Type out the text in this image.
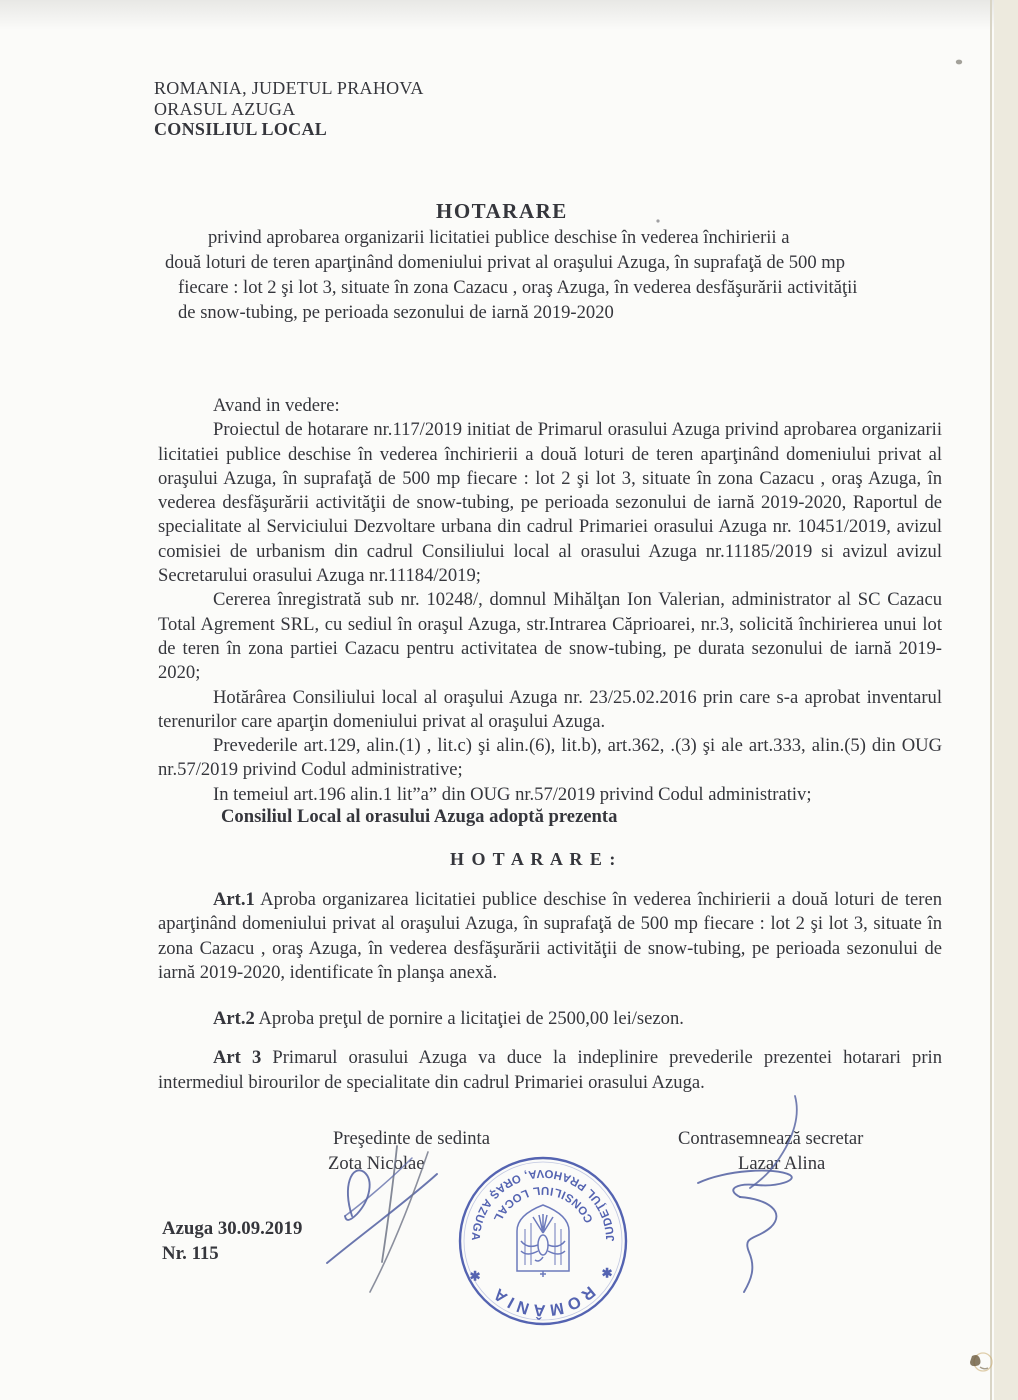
ROMANIA, JUDETUL PRAHOVA
ORASUL AZUGA
CONSILIUL LOCAL

HOTARARE

privind aprobarea organizarii licitatiei publice deschise în vederea închirierii a
două loturi de teren aparţinând domeniului privat al oraşului Azuga, în suprafaţă de 500 mp
fiecare : lot 2 şi lot 3, situate în zona Cazacu , oraş Azuga, în vederea desfăşurării activităţii
de snow-tubing, pe perioada sezonului de iarnă 2019-2020

Avand in vedere:

Proiectul de hotarare nr.117/2019 initiat de Primarul orasului Azuga privind aprobarea organizarii licitatiei publice deschise în vederea închirierii a două loturi de teren aparţinând domeniului privat al oraşului Azuga, în suprafaţă de 500 mp fiecare : lot 2 şi lot 3, situate în zona Cazacu , oraş Azuga, în vederea desfăşurării activităţii de snow-tubing, pe perioada sezonului de iarnă 2019-2020, Raportul de specialitate al Serviciului Dezvoltare urbana din cadrul Primariei orasului Azuga nr. 10451/2019, avizul comisiei de urbanism din cadrul Consiliului local al orasului Azuga nr.11185/2019 si avizul avizul Secretarului orasului Azuga nr.11184/2019;

Cererea înregistrată sub nr. 10248/, domnul Mihălţan Ion Valerian, administrator al SC Cazacu Total Agrement SRL, cu sediul în oraşul Azuga, str.Intrarea Căprioarei, nr.3, solicită închirierea unui lot de teren în zona partiei Cazacu pentru activitatea de snow-tubing, pe durata sezonului de iarnă 2019-2020;

Hotărârea Consiliului local al oraşului Azuga nr. 23/25.02.2016 prin care s-a aprobat inventarul terenurilor care aparţin domeniului privat al oraşului Azuga.

Prevederile art.129, alin.(1) , lit.c) şi alin.(6), lit.b), art.362, .(3) şi ale art.333, alin.(5) din OUG nr.57/2019 privind Codul administrative;

In temeiul art.196 alin.1 lit”a” din OUG nr.57/2019 privind Codul administrativ;

Consiliul Local al orasului Azuga adoptă prezenta
H O T A R A R E :

Art.1 Aproba organizarea licitatiei publice deschise în vederea închirierii a două loturi de teren aparţinând domeniului privat al oraşului Azuga, în suprafaţă de 500 mp fiecare : lot 2 şi lot 3, situate în zona Cazacu , oraş Azuga, în vederea desfăşurării activităţii de snow-tubing, pe perioada sezonului de iarnă 2019-2020, identificate în planşa anexă.

Art.2 Aproba preţul de pornire a licitaţiei de 2500,00 lei/sezon.

Art 3 Primarul orasului Azuga va duce la indeplinire prevederile prezentei hotarari prin intermediul birourilor de specialitate din cadrul Primariei orasului Azuga.

Preşedinte de sedinta
Zota Nicolae
Contrasemnează secretar
Lazar Alina
Azuga 30.09.2019
Nr. 115
ROMÂNIA
JUDEŢUL PRAHOVA, ORAŞ AZUGA
CONSILIUL LOCAL
✱	✱
